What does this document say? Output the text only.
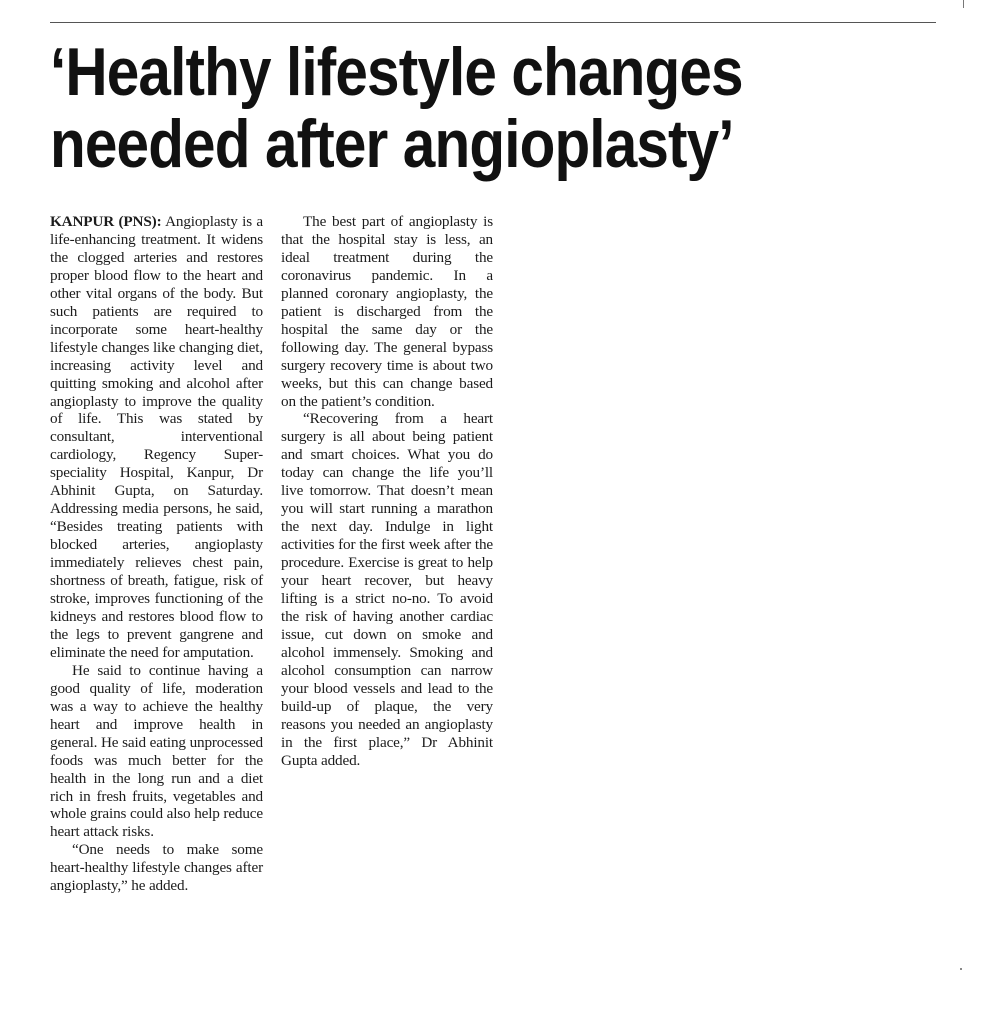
‘Healthy lifestyle changes
needed after angioplasty’

KANPUR (PNS): Angioplasty is a life-enhancing treatment. It widens the clogged arteries and restores proper blood flow to the heart and other vital organs of the body. But such patients are required to incorporate some heart-healthy lifestyle changes like changing diet, increasing activity level and quitting smoking and alcohol after angioplasty to improve the quality of life. This was stated by consultant, interventional cardiology, Regency Super-speciality Hospital, Kanpur, Dr Abhinit Gupta, on Saturday. Addressing media persons, he said, “Besides treating patients with blocked arteries, angioplasty immediately relieves chest pain, shortness of breath, fatigue, risk of stroke, improves functioning of the kidneys and restores blood flow to the legs to prevent gangrene and eliminate the need for amputation.

He said to continue having a good quality of life, moderation was a way to achieve the healthy heart and improve health in general. He said eating unprocessed foods was much better for the health in the long run and a diet rich in fresh fruits, vegetables and whole grains could also help reduce heart attack risks.

“One needs to make some heart-healthy lifestyle changes after angioplasty,” he added.

The best part of angioplasty is that the hospital stay is less, an ideal treatment during the coronavirus pandemic. In a planned coronary angioplasty, the patient is discharged from the hospital the same day or the following day. The general bypass surgery recovery time is about two weeks, but this can change based on the patient’s condition.

“Recovering from a heart surgery is all about being patient and smart choices. What you do today can change the life you’ll live tomorrow. That doesn’t mean you will start running a marathon the next day. Indulge in light activities for the first week after the procedure. Exercise is great to help your heart recover, but heavy lifting is a strict no-no. To avoid the risk of having another cardiac issue, cut down on smoke and alcohol immensely. Smoking and alcohol consumption can narrow your blood vessels and lead to the build-up of plaque, the very reasons you needed an angioplasty in the first place,” Dr Abhinit Gupta added.
